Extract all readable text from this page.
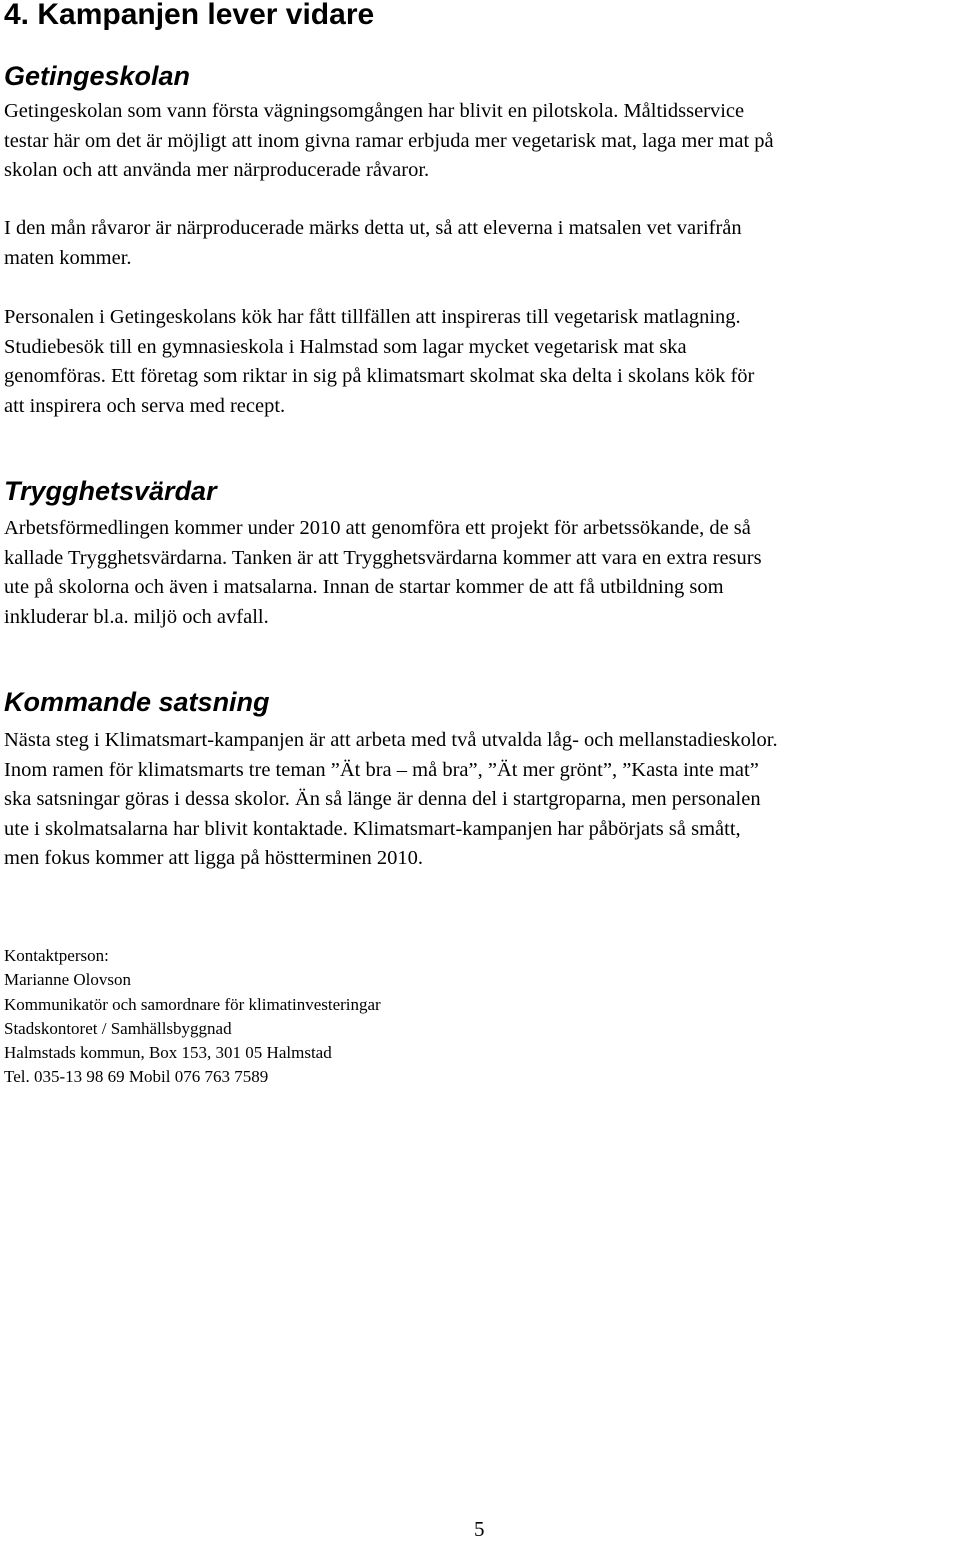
4. Kampanjen lever vidare
Getingeskolan

Getingeskolan som vann första vägningsomgången har blivit en pilotskola. Måltidsservice
testar här om det är möjligt att inom givna ramar erbjuda mer vegetarisk mat, laga mer mat på
skolan och att använda mer närproducerade råvaror.

I den mån råvaror är närproducerade märks detta ut, så att eleverna i matsalen vet varifrån
maten kommer.

Personalen i Getingeskolans kök har fått tillfällen att inspireras till vegetarisk matlagning.
Studiebesök till en gymnasieskola i Halmstad som lagar mycket vegetarisk mat ska
genomföras. Ett företag som riktar in sig på klimatsmart skolmat ska delta i skolans kök för
att inspirera och serva med recept.

Trygghetsvärdar

Arbetsförmedlingen kommer under 2010 att genomföra ett projekt för arbetssökande, de så
kallade Trygghetsvärdarna. Tanken är att Trygghetsvärdarna kommer att vara en extra resurs
ute på skolorna och även i matsalarna. Innan de startar kommer de att få utbildning som
inkluderar bl.a. miljö och avfall.

Kommande satsning

Nästa steg i Klimatsmart-kampanjen är att arbeta med två utvalda låg- och mellanstadieskolor.
Inom ramen för klimatsmarts tre teman ”Ät bra – må bra”, ”Ät mer grönt”, ”Kasta inte mat”
ska satsningar göras i dessa skolor. Än så länge är denna del i startgroparna, men personalen
ute i skolmatsalarna har blivit kontaktade. Klimatsmart-kampanjen har påbörjats så smått,
men fokus kommer att ligga på höstterminen 2010.

Kontaktperson:
Marianne Olovson
Kommunikatör och samordnare för klimatinvesteringar
Stadskontoret / Samhällsbyggnad
Halmstads kommun, Box 153, 301 05 Halmstad
Tel. 035-13 98 69 Mobil 076 763 7589

5
